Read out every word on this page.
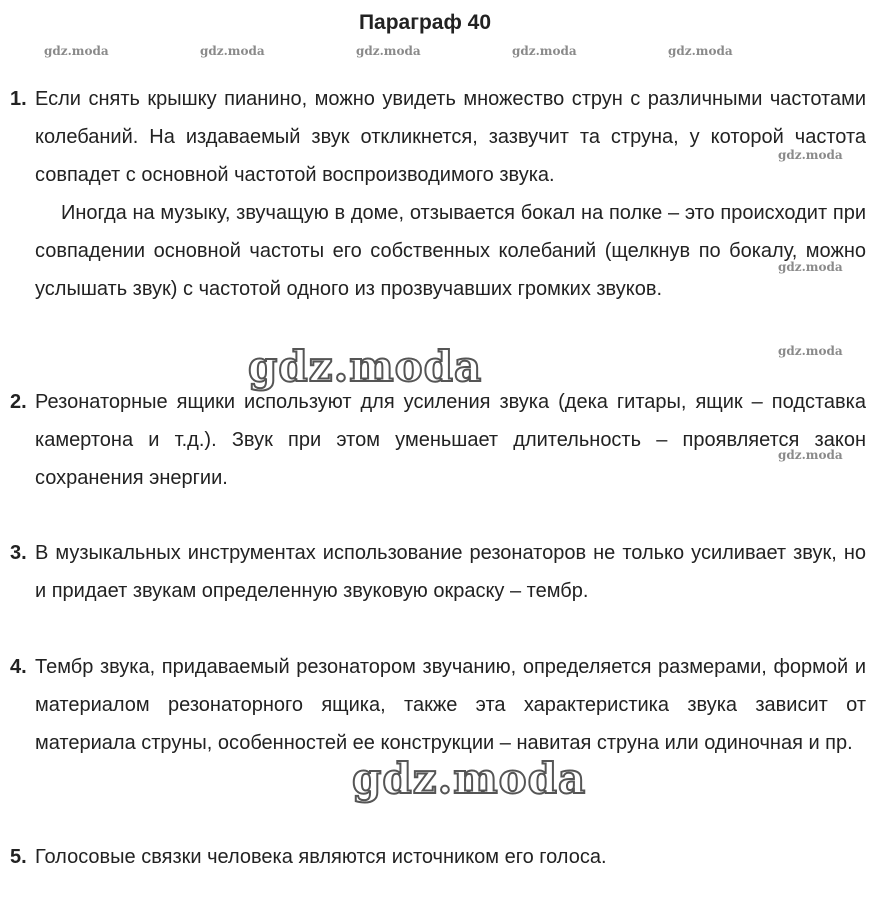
Параграф 40
gdz.moda	gdz.moda	gdz.moda	gdz.moda	gdz.moda
1. Если снять крышку пианино, можно увидеть множество струн с различными частотами колебаний. На издаваемый звук откликнется, зазвучит та струна, у которой частота совпадет с основной частотой воспроизводимого звука.

Иногда на музыку, звучащую в доме, отзывается бокал на полке – это происходит при совпадении основной частоты его собственных колебаний (щелкнув по бокалу, можно услышать звук) с частотой одного из прозвучавших громких звуков.

2. Резонаторные ящики используют для усиления звука (дека гитары, ящик – подставка камертона и т.д.). Звук при этом уменьшает длительность – проявляется закон сохранения энергии.

3. В музыкальных инструментах использование резонаторов не только усиливает звук, но и придает звукам определенную звуковую окраску – тембр.

4. Тембр звука, придаваемый резонатором звучанию, определяется размерами, формой и материалом резонаторного ящика, также эта характеристика звука зависит от материала струны, особенностей ее конструкции – навитая струна или одиночная и пр.

5. Голосовые связки человека являются источником его голоса.

gdz.moda
gdz.moda
gdz.moda
gdz.moda
gdz.moda
gdz.moda
